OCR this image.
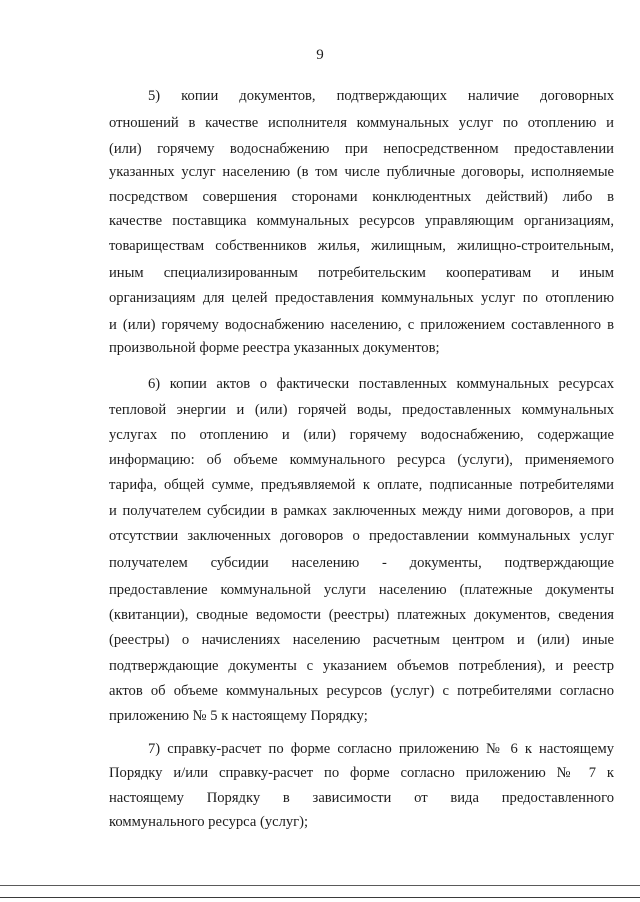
9
5) копии документов, подтверждающих наличие договорных
отношений в качестве исполнителя коммунальных услуг по отоплению и
(или) горячему водоснабжению при непосредственном предоставлении
указанных услуг населению (в том числе публичные договоры, исполняемые
посредством совершения сторонами конклюдентных действий) либо в
качестве поставщика коммунальных ресурсов управляющим организациям,
товариществам собственников жилья, жилищным, жилищно-строительным,
иным специализированным потребительским кооперативам и иным
организациям для целей предоставления коммунальных услуг по отоплению
и (или) горячему водоснабжению населению, с приложением составленного в
произвольной форме реестра указанных документов;
6) копии актов о фактически поставленных коммунальных ресурсах
тепловой энергии и (или) горячей воды, предоставленных коммунальных
услугах по отоплению и (или) горячему водоснабжению, содержащие
информацию: об объеме коммунального ресурса (услуги), применяемого
тарифа, общей сумме, предъявляемой к оплате, подписанные потребителями
и получателем субсидии в рамках заключенных между ними договоров, а при
отсутствии заключенных договоров о предоставлении коммунальных услуг
получателем субсидии населению - документы, подтверждающие
предоставление коммунальной услуги населению (платежные документы
(квитанции), сводные ведомости (реестры) платежных документов, сведения
(реестры) о начислениях населению расчетным центром и (или) иные
подтверждающие документы с указанием объемов потребления), и реестр
актов об объеме коммунальных ресурсов (услуг) с потребителями согласно
приложению № 5 к настоящему Порядку;
7) справку-расчет по форме согласно приложению № 6 к настоящему
Порядку и/или справку-расчет по форме согласно приложению № 7 к
настоящему Порядку в зависимости от вида предоставленного
коммунального ресурса (услуг);
